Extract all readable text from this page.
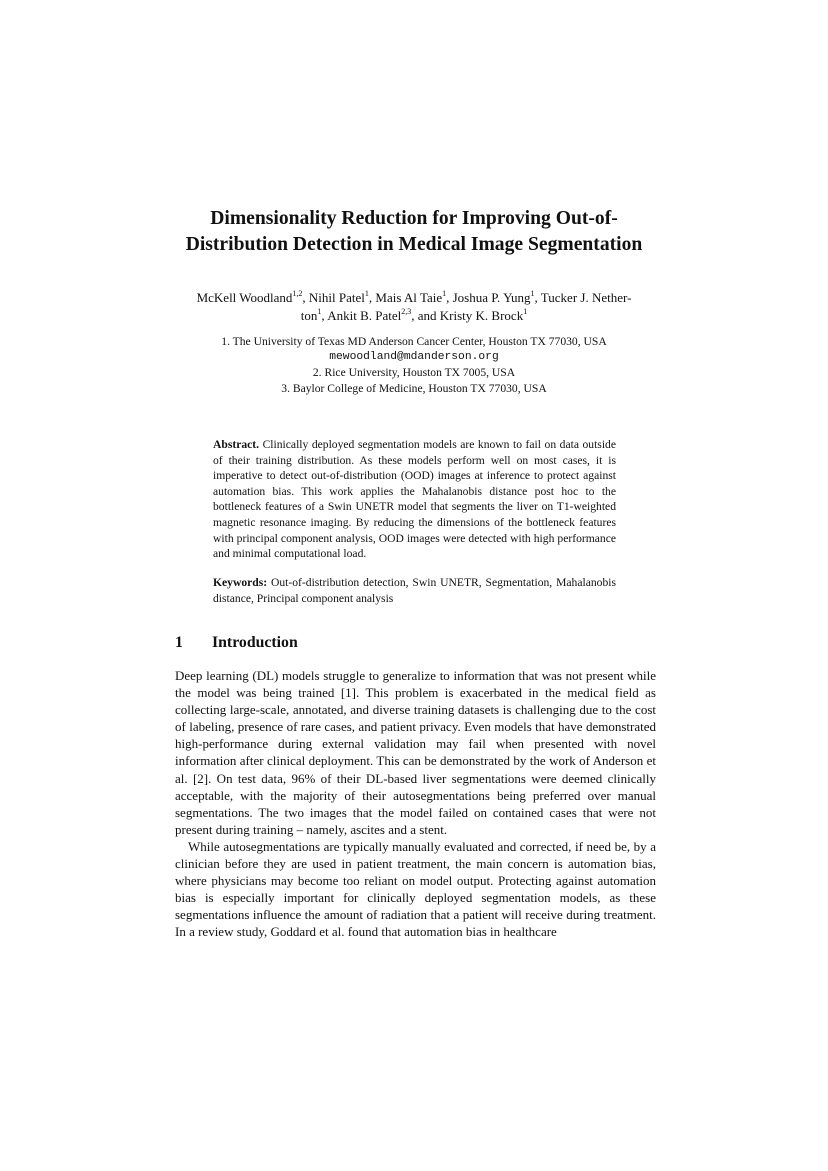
Dimensionality Reduction for Improving Out-of-
Distribution Detection in Medical Image Segmentation
McKell Woodland$^{1,2}$, Nihil Patel$^1$, Mais Al Taie$^1$, Joshua P. Yung$^1$, Tucker J. Nether-
ton$^1$, Ankit B. Patel$^{2,3}$, and Kristy K. Brock$^1$
1. The University of Texas MD Anderson Cancer Center, Houston TX 77030, USA
mewoodland@mdanderson.org
2. Rice University, Houston TX 7005, USA
3. Baylor College of Medicine, Houston TX 77030, USA
Abstract. Clinically deployed segmentation models are known to fail on data outside of their training distribution. As these models perform well on most cases, it is imperative to detect out-of-distribution (OOD) images at inference to protect against automation bias. This work applies the Mahalanobis distance post hoc to the bottleneck features of a Swin UNETR model that segments the liver on T1-weighted magnetic resonance imaging. By reducing the dimensions of the bottleneck features with principal component analysis, OOD images were detected with high performance and minimal computational load.
Keywords: Out-of-distribution detection, Swin UNETR, Segmentation, Mahalanobis distance, Principal component analysis
1 Introduction

Deep learning (DL) models struggle to generalize to information that was not present while the model was being trained [1]. This problem is exacerbated in the medical field as collecting large-scale, annotated, and diverse training datasets is challenging due to the cost of labeling, presence of rare cases, and patient privacy. Even models that have demonstrated high-performance during external validation may fail when presented with novel information after clinical deployment. This can be demonstrated by the work of Anderson et al. [2]. On test data, 96% of their DL-based liver segmentations were deemed clinically acceptable, with the majority of their autosegmentations being preferred over manual segmentations. The two images that the model failed on contained cases that were not present during training – namely, ascites and a stent.

While autosegmentations are typically manually evaluated and corrected, if need be, by a clinician before they are used in patient treatment, the main concern is automation bias, where physicians may become too reliant on model output. Protecting against automation bias is especially important for clinically deployed segmentation models, as these segmentations influence the amount of radiation that a patient will receive during treatment. In a review study, Goddard et al. found that automation bias in healthcare
